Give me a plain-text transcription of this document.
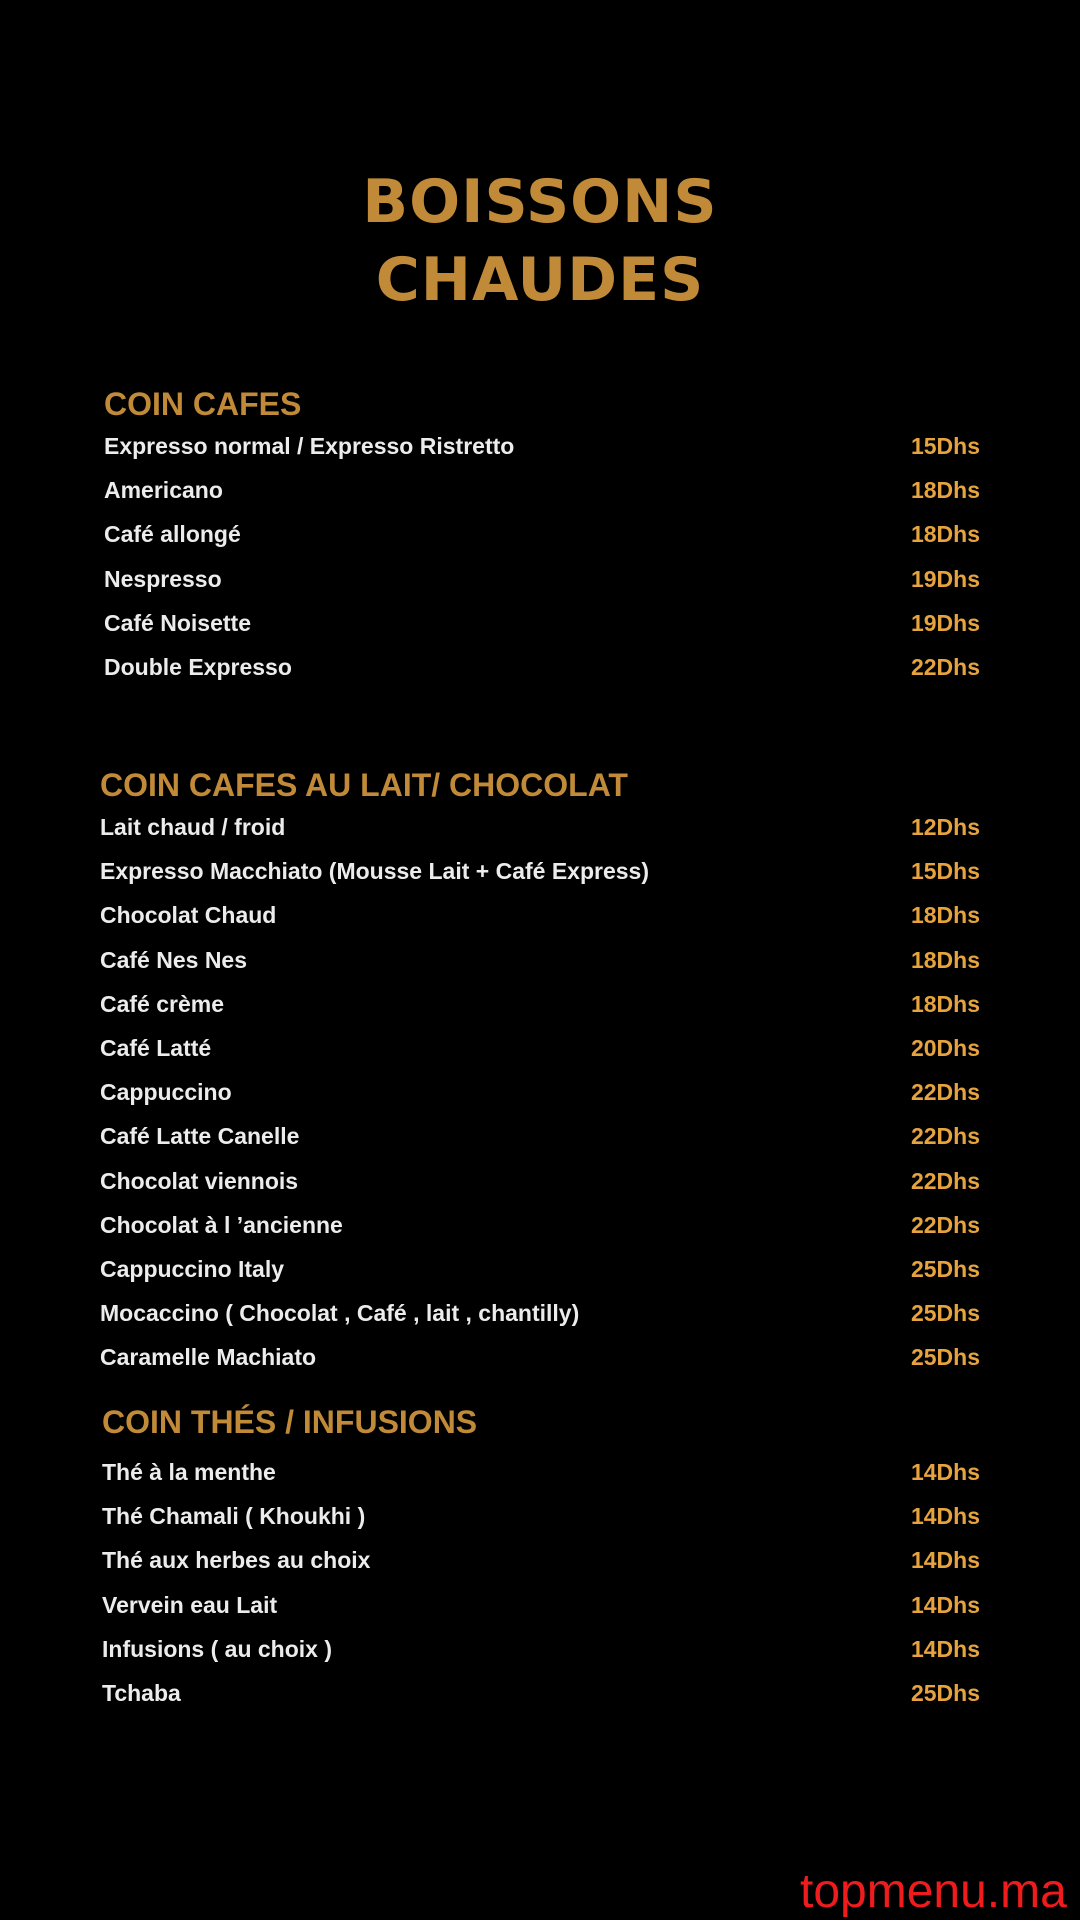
BOISSONS
CHAUDES
COIN CAFES
Expresso normal / Expresso Ristretto	15Dhs
Americano	18Dhs
Café allongé	18Dhs
Nespresso	19Dhs
Café Noisette	19Dhs
Double Expresso	22Dhs
COIN CAFES AU LAIT/ CHOCOLAT
Lait chaud / froid	12Dhs
Expresso Macchiato (Mousse Lait + Café Express)	15Dhs
Chocolat Chaud	18Dhs
Café Nes Nes	18Dhs
Café crème	18Dhs
Café Latté	20Dhs
Cappuccino	22Dhs
Café Latte Canelle	22Dhs
Chocolat viennois	22Dhs
Chocolat à l ’ancienne	22Dhs
Cappuccino Italy	25Dhs
Mocaccino ( Chocolat , Café , lait , chantilly)	25Dhs
Caramelle Machiato	25Dhs
COIN THÉS / INFUSIONS
Thé à la menthe	14Dhs
Thé Chamali ( Khoukhi )	14Dhs
Thé aux herbes au choix	14Dhs
Vervein eau Lait	14Dhs
Infusions ( au choix )	14Dhs
Tchaba	25Dhs
topmenu.ma
